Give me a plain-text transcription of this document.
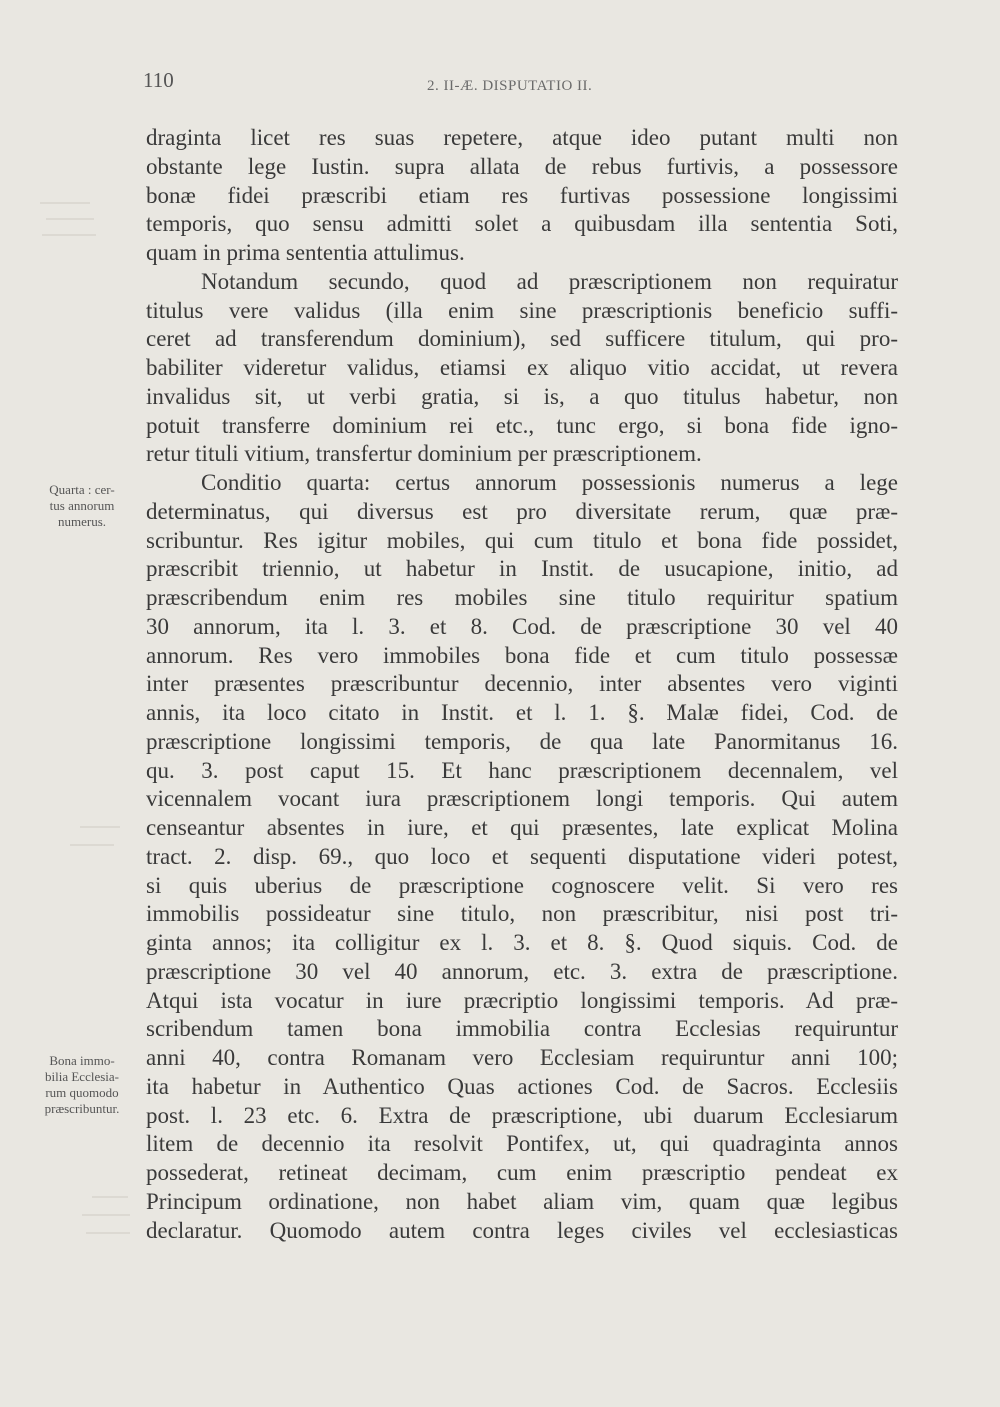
110	2. II-Æ. DISPUTATIO II.
Quarta : cer-
tus annorum
numerus.
Bona immo-
bilia Ecclesia-
rum quomodo
præscribuntur.
draginta licet res suas repetere, atque ideo putant multi non
obstante lege Iustin. supra allata de rebus furtivis, a possessore
bonæ fidei præscribi etiam res furtivas possessione longissimi
temporis, quo sensu admitti solet a quibusdam illa sententia Soti,
quam in prima sententia attulimus.
Notandum secundo, quod ad præscriptionem non requiratur
titulus vere validus (illa enim sine præscriptionis beneficio suffi-
ceret ad transferendum dominium), sed sufficere titulum, qui pro-
babiliter videretur validus, etiamsi ex aliquo vitio accidat, ut revera
invalidus sit, ut verbi gratia, si is, a quo titulus habetur, non
potuit transferre dominium rei etc., tunc ergo, si bona fide igno-
retur tituli vitium, transfertur dominium per præscriptionem.
Conditio quarta: certus annorum possessionis numerus a lege
determinatus, qui diversus est pro diversitate rerum, quæ præ-
scribuntur. Res igitur mobiles, qui cum titulo et bona fide possidet,
præscribit triennio, ut habetur in Instit. de usucapione, initio, ad
præscribendum enim res mobiles sine titulo requiritur spatium
30 annorum, ita l. 3. et 8. Cod. de præscriptione 30 vel 40
annorum. Res vero immobiles bona fide et cum titulo possessæ
inter præsentes præscribuntur decennio, inter absentes vero viginti
annis, ita loco citato in Instit. et l. 1. §. Malæ fidei, Cod. de
præscriptione longissimi temporis, de qua late Panormitanus 16.
qu. 3. post caput 15. Et hanc præscriptionem decennalem, vel
vicennalem vocant iura præscriptionem longi temporis. Qui autem
censeantur absentes in iure, et qui præsentes, late explicat Molina
tract. 2. disp. 69., quo loco et sequenti disputatione videri potest,
si quis uberius de præscriptione cognoscere velit. Si vero res
immobilis possideatur sine titulo, non præscribitur, nisi post tri-
ginta annos; ita colligitur ex l. 3. et 8. §. Quod siquis. Cod. de
præscriptione 30 vel 40 annorum, etc. 3. extra de præscriptione.
Atqui ista vocatur in iure præcriptio longissimi temporis. Ad præ-
scribendum tamen bona immobilia contra Ecclesias requiruntur
anni 40, contra Romanam vero Ecclesiam requiruntur anni 100;
ita habetur in Authentico Quas actiones Cod. de Sacros. Ecclesiis
post. l. 23 etc. 6. Extra de præscriptione, ubi duarum Ecclesiarum
litem de decennio ita resolvit Pontifex, ut, qui quadraginta annos
possederat, retineat decimam, cum enim præscriptio pendeat ex
Principum ordinatione, non habet aliam vim, quam quæ legibus
declaratur. Quomodo autem contra leges civiles vel ecclesiasticas
